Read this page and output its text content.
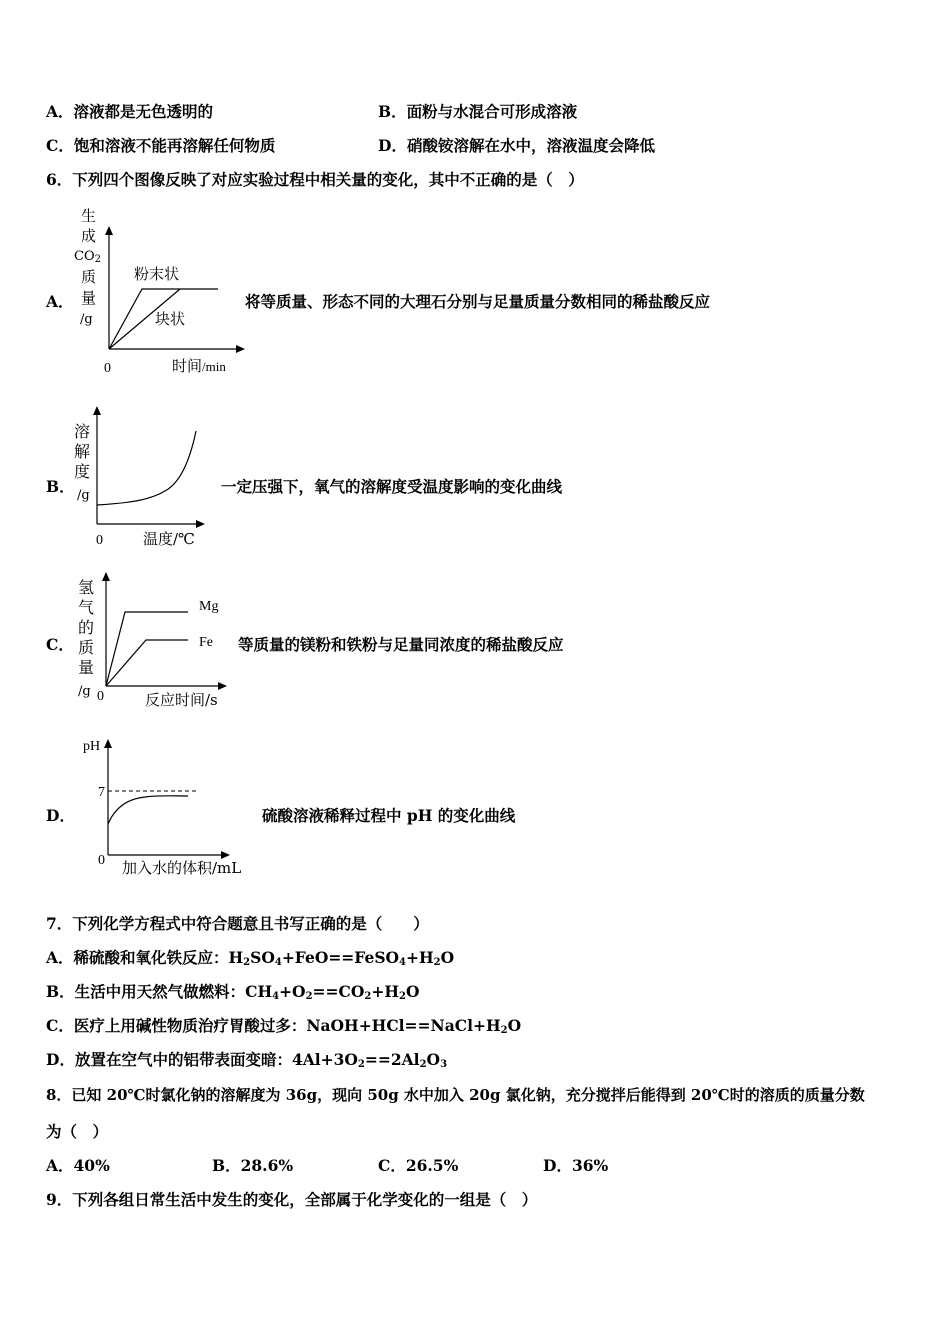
A．溶液都是无色透明的	B．面粉与水混合可形成溶液
C．饱和溶液不能再溶解任何物质	D．硝酸铵溶解在水中，溶液温度会降低
6．下列四个图像反映了对应实验过程中相关量的变化，其中不正确的是（　）
A．
生
成
$CO_2$
质
量
/g
0	时间/min
粉末状
块状
将等质量、形态不同的大理石分别与足量质量分数相同的稀盐酸反应
B．
溶解度
/g
0	温度/℃
一定压强下，氧气的溶解度受温度影响的变化曲线
C．
氢气的质量
/g 0	反应时间/s
Mg
Fe 等质量的镁粉和铁粉与足量同浓度的稀盐酸反应
D．
pH
7
0 加入水的体积/mL
硫酸溶液稀释过程中 pH 的变化曲线
7．下列化学方程式中符合题意且书写正确的是（　　）
A．稀硫酸和氧化铁反应：$H_2SO_4+FeO==FeSO_4+H_2O$
B．生活中用天然气做燃料：$CH_4+O_2==CO_2+H_2O$
C．医疗上用碱性物质治疗胃酸过多：$NaOH+HCl==NaCl+H_2O$
D．放置在空气中的铝带表面变暗：$4Al+3O_2==2Al_2O_3$
8．已知 20℃时氯化钠的溶解度为 36g，现向 50g 水中加入 20g 氯化钠，充分搅拌后能得到 20℃时的溶质的质量分数
为（　）
A．40%	B．28.6%	C．26.5%	D．36%
9．下列各组日常生活中发生的变化，全部属于化学变化的一组是（　）
